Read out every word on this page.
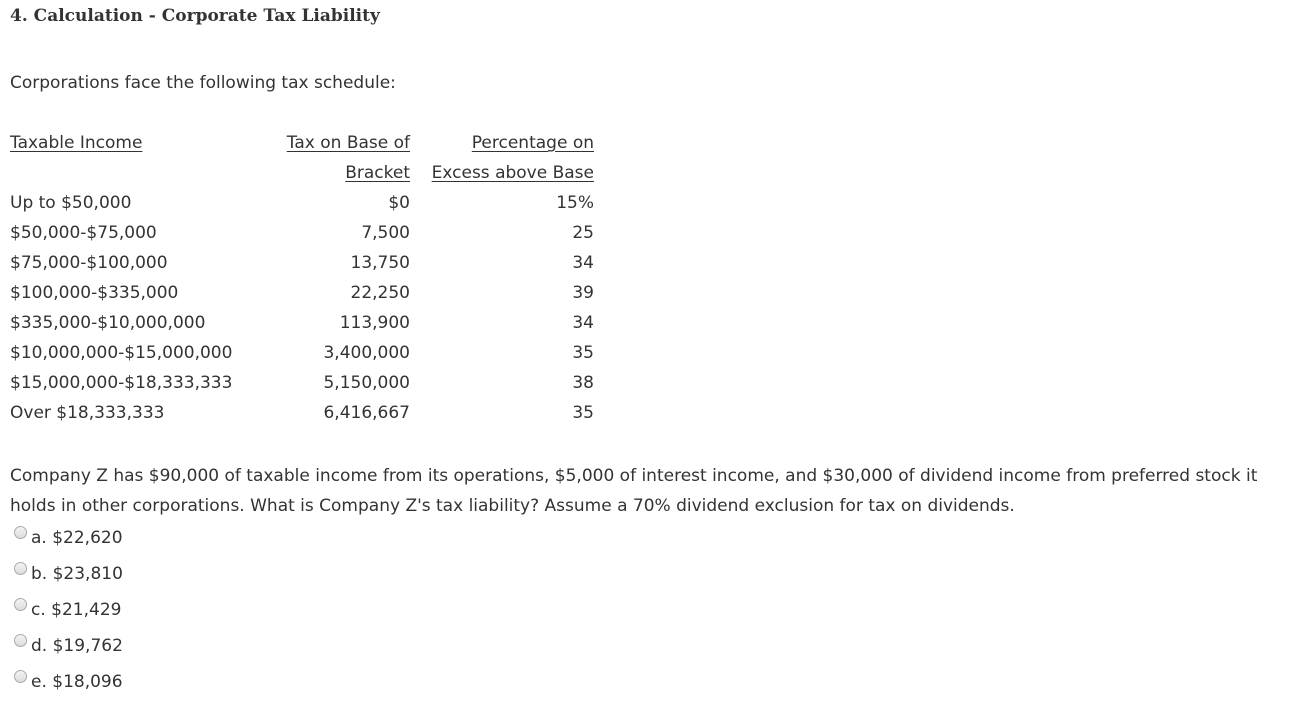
4. Calculation - Corporate Tax Liability
Corporations face the following tax schedule:
Taxable Income	Tax on Base of	Percentage on
	Bracket	Excess above Base
Up to $50,000	$0	15%
$50,000-$75,000	7,500	25
$75,000-$100,000	13,750	34
$100,000-$335,000	22,250	39
$335,000-$10,000,000	113,900	34
$10,000,000-$15,000,000	3,400,000	35
$15,000,000-$18,333,333	5,150,000	38
Over $18,333,333	6,416,667	35

Company Z has $90,000 of taxable income from its operations, $5,000 of interest income, and $30,000 of dividend income from preferred stock it holds in other corporations. What is Company Z's tax liability? Assume a 70% dividend exclusion for tax on dividends.

a. $22,620
b. $23,810
c. $21,429
d. $19,762
e. $18,096
